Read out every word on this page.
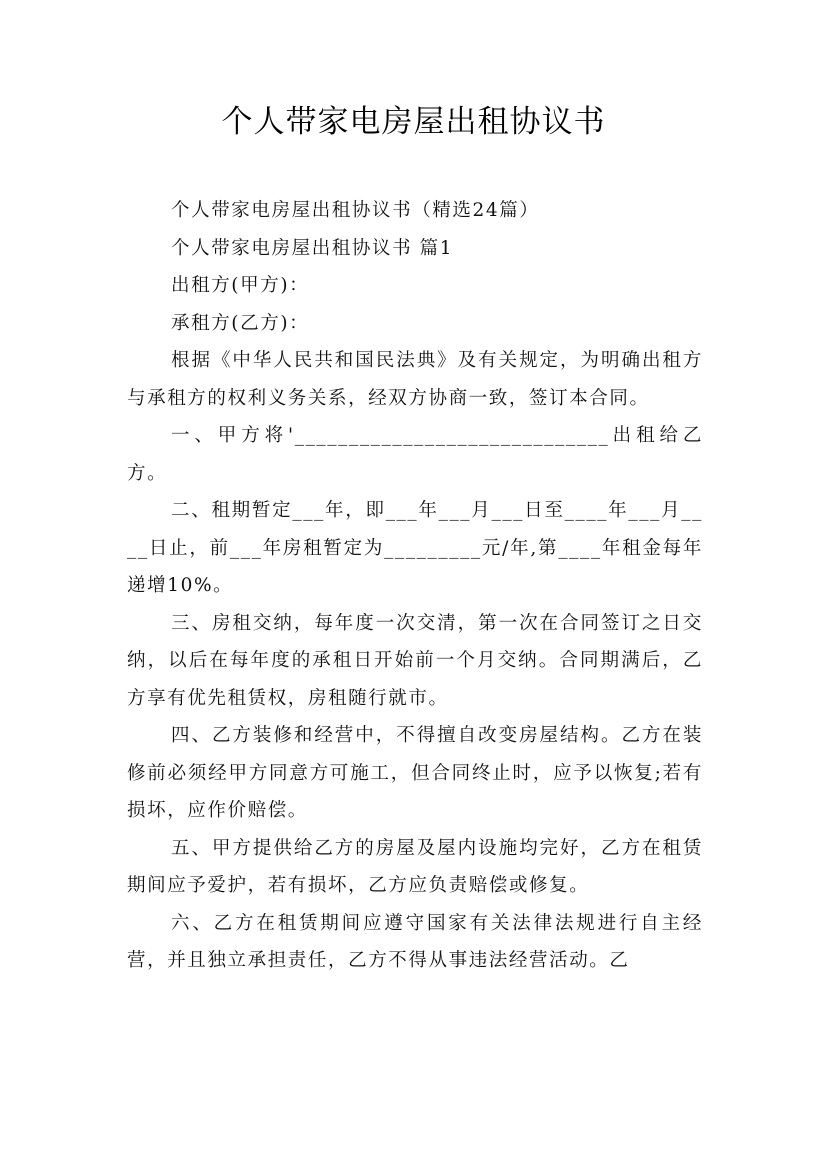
个人带家电房屋出租协议书

个人带家电房屋出租协议书（精选24篇）

个人带家电房屋出租协议书 篇1

出租方(甲方)：

承租方(乙方)：

根据《中华人民共和国民法典》及有关规定，为明确出租方与承租方的权利义务关系，经双方协商一致，签订本合同。

一、甲方将'_____________________________出租给乙方。

二、租期暂定___年，即___年___月___日至____年___月____日止，前___年房租暂定为_________元/年,第____年租金每年递增10%。

三、房租交纳，每年度一次交清，第一次在合同签订之日交纳，以后在每年度的承租日开始前一个月交纳。合同期满后，乙方享有优先租赁权，房租随行就市。

四、乙方装修和经营中，不得擅自改变房屋结构。乙方在装修前必须经甲方同意方可施工，但合同终止时，应予以恢复;若有损坏，应作价赔偿。

五、甲方提供给乙方的房屋及屋内设施均完好，乙方在租赁期间应予爱护，若有损坏，乙方应负责赔偿或修复。

六、乙方在租赁期间应遵守国家有关法律法规进行自主经营，并且独立承担责任，乙方不得从事违法经营活动。乙
